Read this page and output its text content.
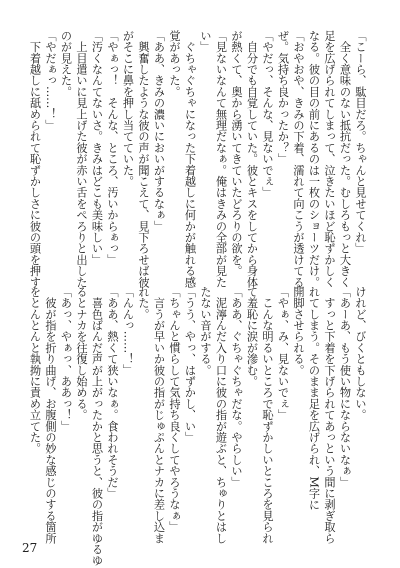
「こーら、駄目だろ。ちゃんと見せてくれ」
　全く意味のない抵抗だった。むしろもっと大きく
足を広げられてしまって、泣きたいほど恥ずかしく
なる。彼の目の前にあるのは一枚のショーツだけ。
「おやおや、きみの下着、濡れて向こうが透けてる
ぜ。気持ち良かったか？」
「やだっ、そんな、見ないでぇ」
　自分でも自覚していた。彼とキスをしてから身体
が熱くて、奥から湧いてきていたどろりの欲を。
「見ないなんて無理だなぁ。俺はきみの全部が見た
い」
　ぐちゃぐちゃになった下着越しに何かが触れる感
覚があった。
「ああ、きみの濃いにおいがするなぁ」
　興奮したような彼の声が聞こえて、見下ろせば彼
がそこに鼻を押し当てていた。
「やぁっ！　そんな、ところ、汚いからぁっ」
「汚くなんてないさ。きみはどこも美味しい」
　上目遣いに見上げた彼が赤い舌をぺろりと出した
のが見えた。
「やだぁっ……！」
　下着越しに舐められて恥ずかしさに彼の頭を押す
けれど、びくともしない。
「あーあ、もう使い物にならないなぁ」
　すっと下着を下げられてあっという間に剥ぎ取ら
れてしまう。そのまま足を広げられ、M字に
開脚させられる。
「やぁ、み、見ないでぇ」
　こんな明るいところで恥ずかしいところを見られ
て羞恥に涙が滲む。
「ああ、ぐちゃぐちゃだな。やらしい」
　泥濘んだ入り口に彼の指が遊ぶと、ちゅりとはし
たない音がする。
「うう、やっ、はずかし、い」
「ちゃんと慣らして気持ち良くしてやろうなぁ」
　言うが早いか彼の指がじゅぷんとナカに差し込ま
れた。
「んんっ……！」
「ああ、熱くて狭いなぁ。食われそうだ」
　喜色ばんだ声が上がったかと思うと、彼の指がゆるゆ
るとナカを往復し始める。
「あっ、やぁっ、ああっ！」
　彼が指を折り曲げ、お腹側の妙な感じのする箇所
をとんとんと執拗に責め立てた。
27
